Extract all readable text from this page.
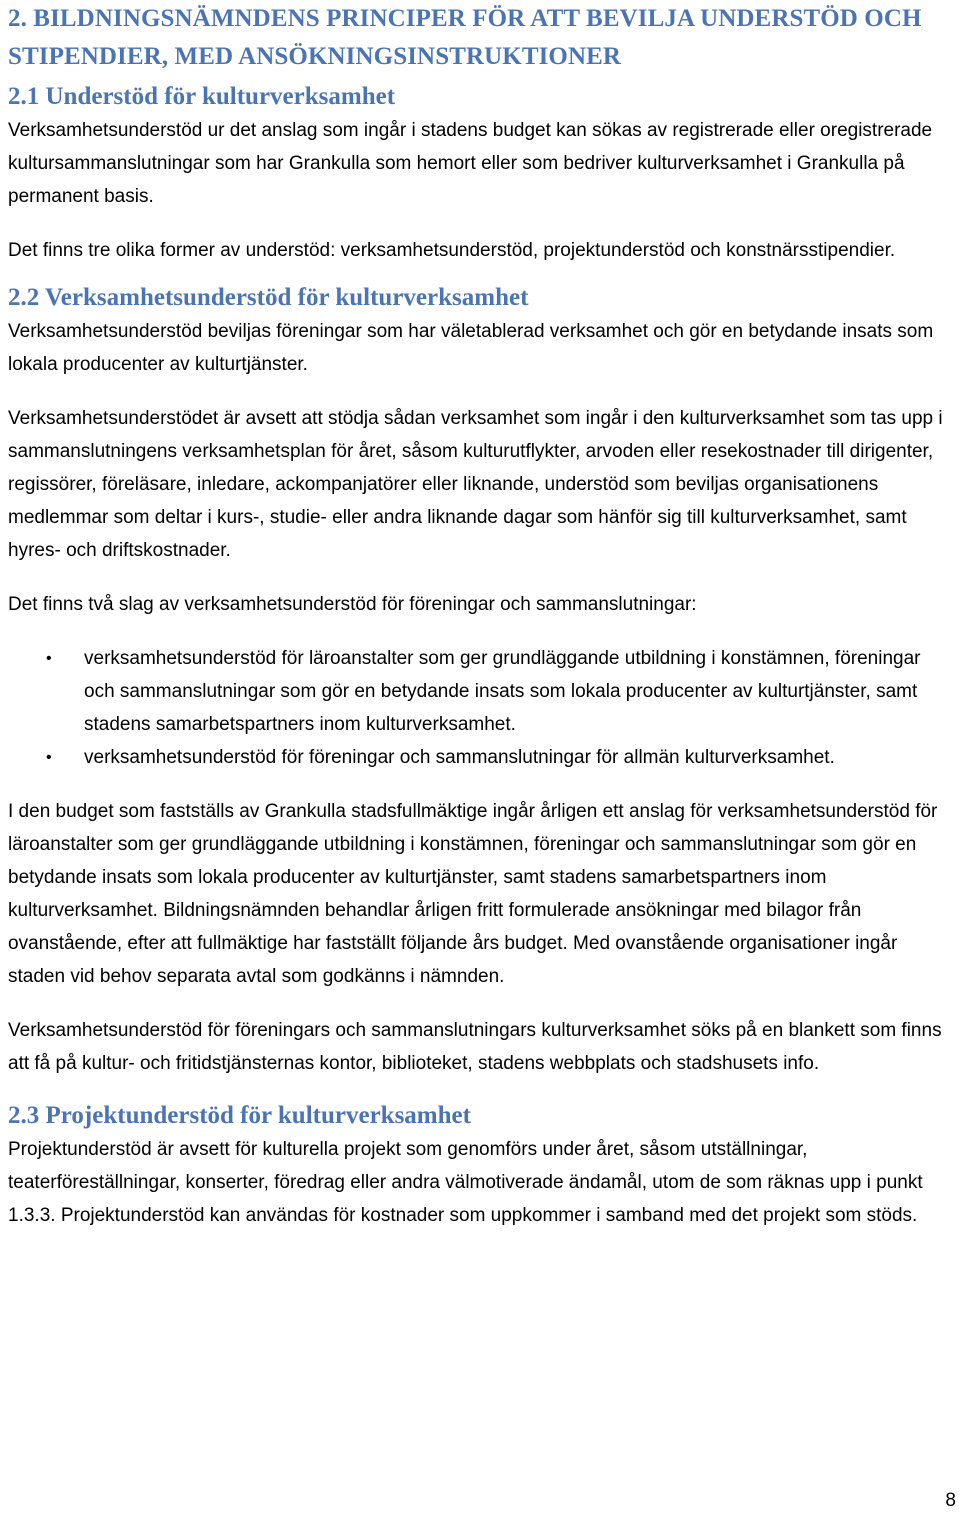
2. BILDNINGSNÄMNDENS PRINCIPER FÖR ATT BEVILJA UNDERSTÖD OCH STIPENDIER, MED ANSÖKNINGSINSTRUKTIONER
2.1 Understöd för kulturverksamhet

Verksamhetsunderstöd ur det anslag som ingår i stadens budget kan sökas av registrerade eller oregistrerade kultursammanslutningar som har Grankulla som hemort eller som bedriver kulturverksamhet i Grankulla på permanent basis.

Det finns tre olika former av understöd: verksamhetsunderstöd, projektunderstöd och konstnärsstipendier.

2.2 Verksamhetsunderstöd för kulturverksamhet

Verksamhetsunderstöd beviljas föreningar som har väletablerad verksamhet och gör en betydande insats som lokala producenter av kulturtjänster.

Verksamhetsunderstödet är avsett att stödja sådan verksamhet som ingår i den kulturverksamhet som tas upp i sammanslutningens verksamhetsplan för året, såsom kulturutflykter, arvoden eller resekostnader till dirigenter, regissörer, föreläsare, inledare, ackompanjatörer eller liknande, understöd som beviljas organisationens medlemmar som deltar i kurs-, studie- eller andra liknande dagar som hänför sig till kulturverksamhet, samt hyres- och driftskostnader.

Det finns två slag av verksamhetsunderstöd för föreningar och sammanslutningar:

• verksamhetsunderstöd för läroanstalter som ger grundläggande utbildning i konstämnen, föreningar och sammanslutningar som gör en betydande insats som lokala producenter av kulturtjänster, samt stadens samarbetspartners inom kulturverksamhet.
• verksamhetsunderstöd för föreningar och sammanslutningar för allmän kulturverksamhet.

I den budget som fastställs av Grankulla stadsfullmäktige ingår årligen ett anslag för verksamhetsunderstöd för läroanstalter som ger grundläggande utbildning i konstämnen, föreningar och sammanslutningar som gör en betydande insats som lokala producenter av kulturtjänster, samt stadens samarbetspartners inom kulturverksamhet. Bildningsnämnden behandlar årligen fritt formulerade ansökningar med bilagor från ovanstående, efter att fullmäktige har fastställt följande års budget. Med ovanstående organisationer ingår staden vid behov separata avtal som godkänns i nämnden.

Verksamhetsunderstöd för föreningars och sammanslutningars kulturverksamhet söks på en blankett som finns att få på kultur- och fritidstjänsternas kontor, biblioteket, stadens webbplats och stadshusets info.

2.3 Projektunderstöd för kulturverksamhet

Projektunderstöd är avsett för kulturella projekt som genomförs under året, såsom utställningar, teaterföreställningar, konserter, föredrag eller andra välmotiverade ändamål, utom de som räknas upp i punkt 1.3.3. Projektunderstöd kan användas för kostnader som uppkommer i samband med det projekt som stöds.

8
